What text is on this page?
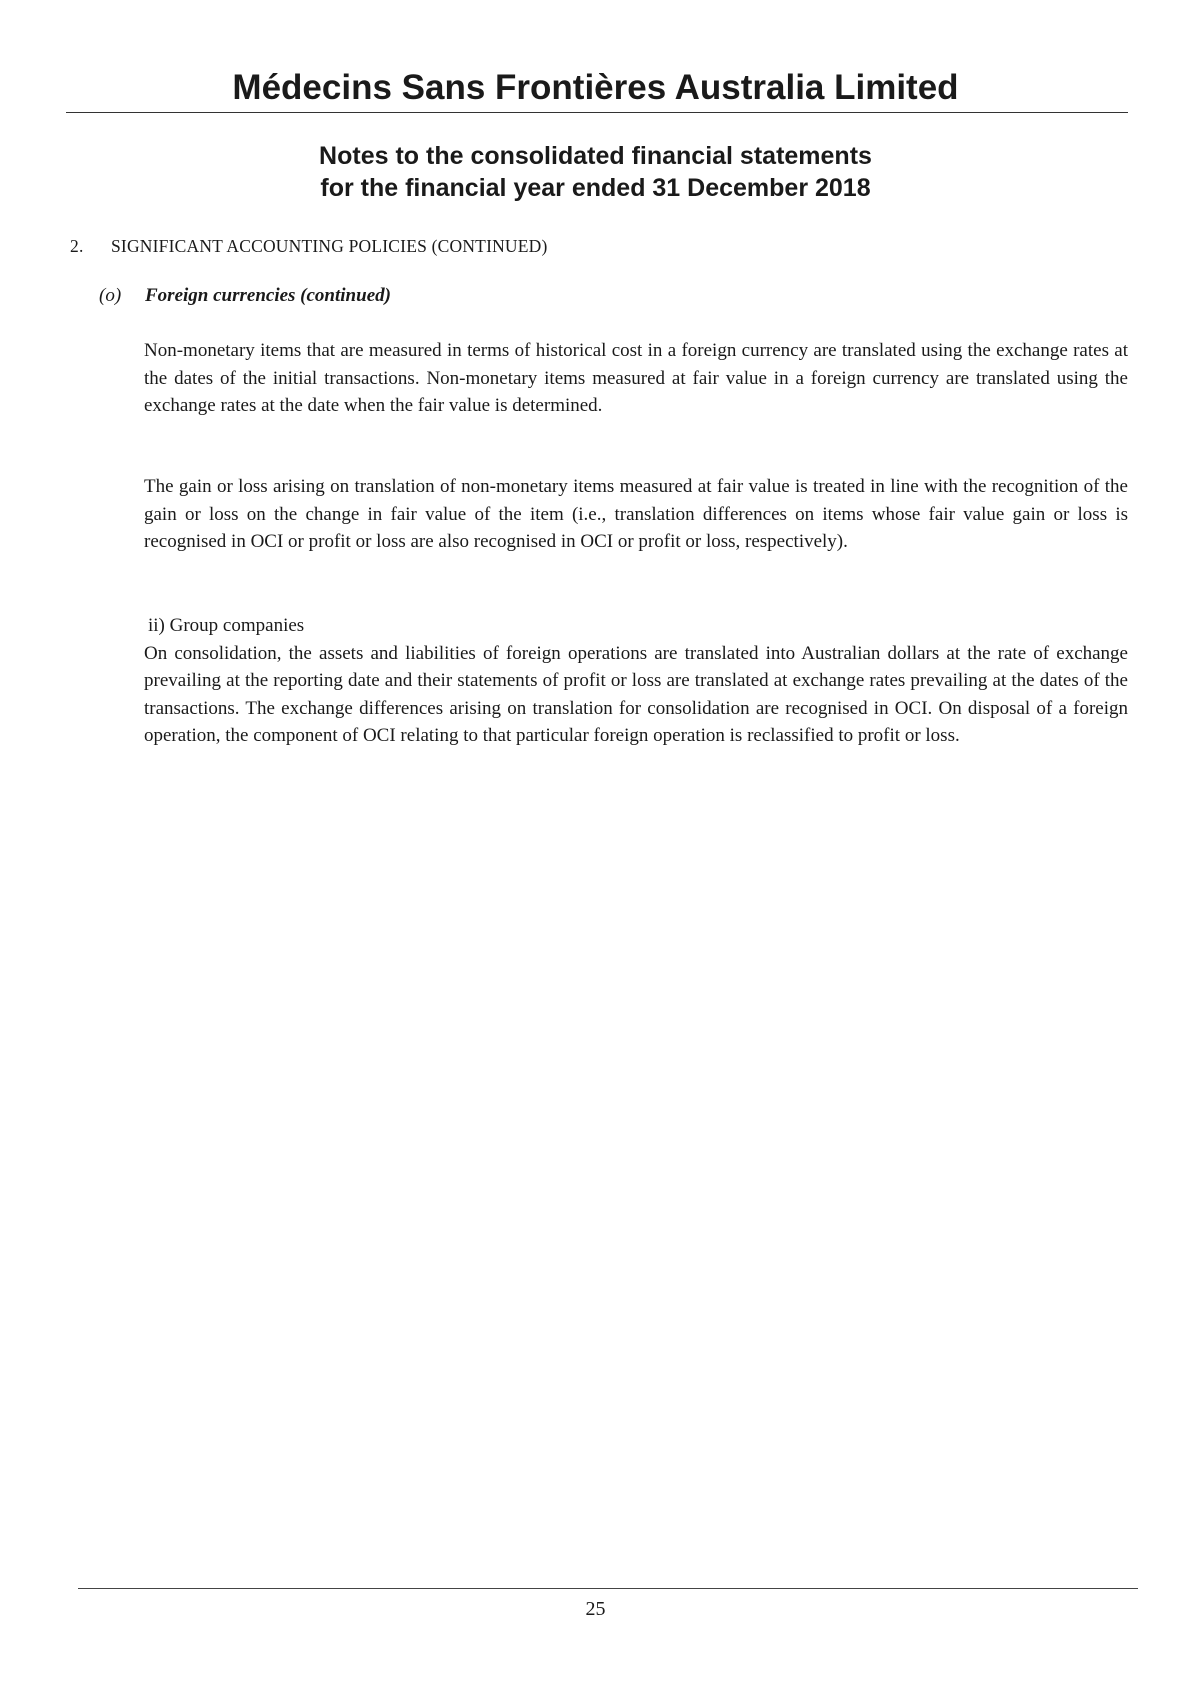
Médecins Sans Frontières Australia Limited
Notes to the consolidated financial statements
for the financial year ended 31 December 2018
2. SIGNIFICANT ACCOUNTING POLICIES (CONTINUED)
(o) Foreign currencies (continued)

Non-monetary items that are measured in terms of historical cost in a foreign currency are translated using the exchange rates at the dates of the initial transactions. Non-monetary items measured at fair value in a foreign currency are translated using the exchange rates at the date when the fair value is determined.

The gain or loss arising on translation of non-monetary items measured at fair value is treated in line with the recognition of the gain or loss on the change in fair value of the item (i.e., translation differences on items whose fair value gain or loss is recognised in OCI or profit or loss are also recognised in OCI or profit or loss, respectively).

ii) Group companies
On consolidation, the assets and liabilities of foreign operations are translated into Australian dollars at the rate of exchange prevailing at the reporting date and their statements of profit or loss are translated at exchange rates prevailing at the dates of the transactions. The exchange differences arising on translation for consolidation are recognised in OCI. On disposal of a foreign operation, the component of OCI relating to that particular foreign operation is reclassified to profit or loss.
25
